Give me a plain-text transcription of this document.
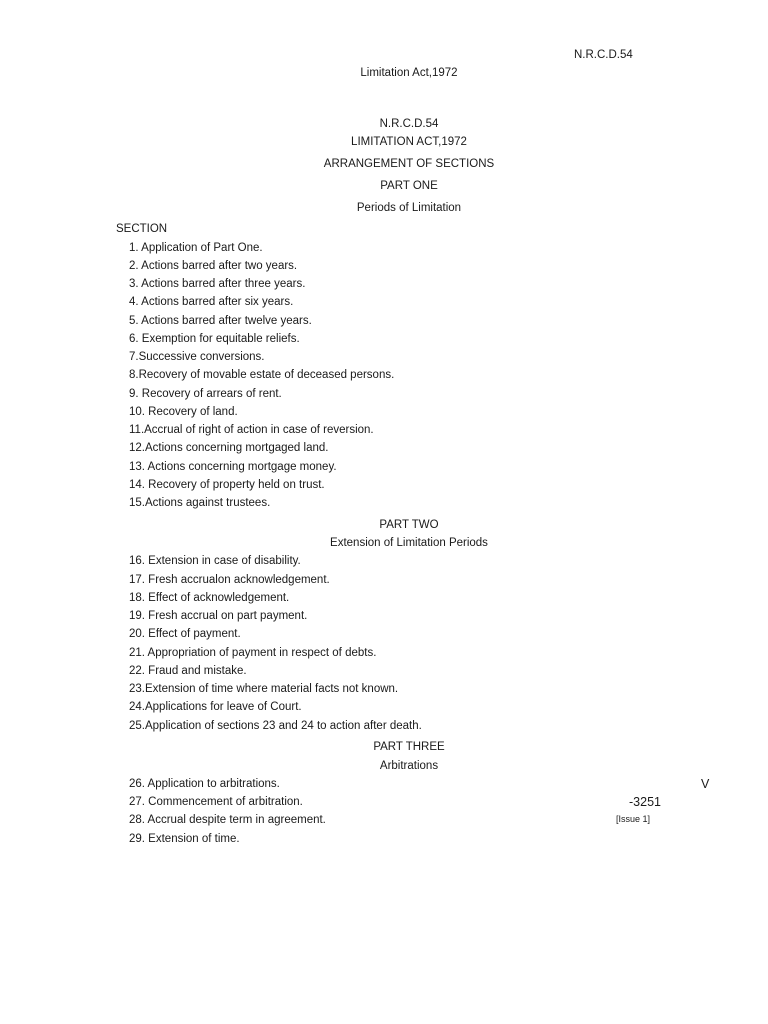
N.R.C.D.54
Limitation Act,1972
N.R.C.D.54
LIMITATION ACT,1972
ARRANGEMENT OF SECTIONS
PART ONE
Periods of Limitation
SECTION
1. Application of Part One.
2. Actions barred after two years.
3. Actions barred after three years.
4. Actions barred after six years.
5. Actions barred after twelve years.
6. Exemption for equitable reliefs.
7.Successive conversions.
8.Recovery of movable estate of deceased persons.
9. Recovery of arrears of rent.
10. Recovery of land.
11.Accrual of right of action in case of reversion.
12.Actions concerning mortgaged land.
13. Actions concerning mortgage money.
14. Recovery of property held on trust.
15.Actions against trustees.
PART TWO
Extension of Limitation Periods
16. Extension in case of disability.
17. Fresh accrualon acknowledgement.
18. Effect of acknowledgement.
19. Fresh accrual on part payment.
20. Effect of payment.
21. Appropriation of payment in respect of debts.
22. Fraud and mistake.
23.Extension of time where material facts not known.
24.Applications for leave of Court.
25.Application of sections 23 and 24 to action after death.
PART THREE
Arbitrations
26. Application to arbitrations.
27. Commencement of arbitration.
28. Accrual despite term in agreement.
29. Extension of time.
V
-3251
[Issue 1]
